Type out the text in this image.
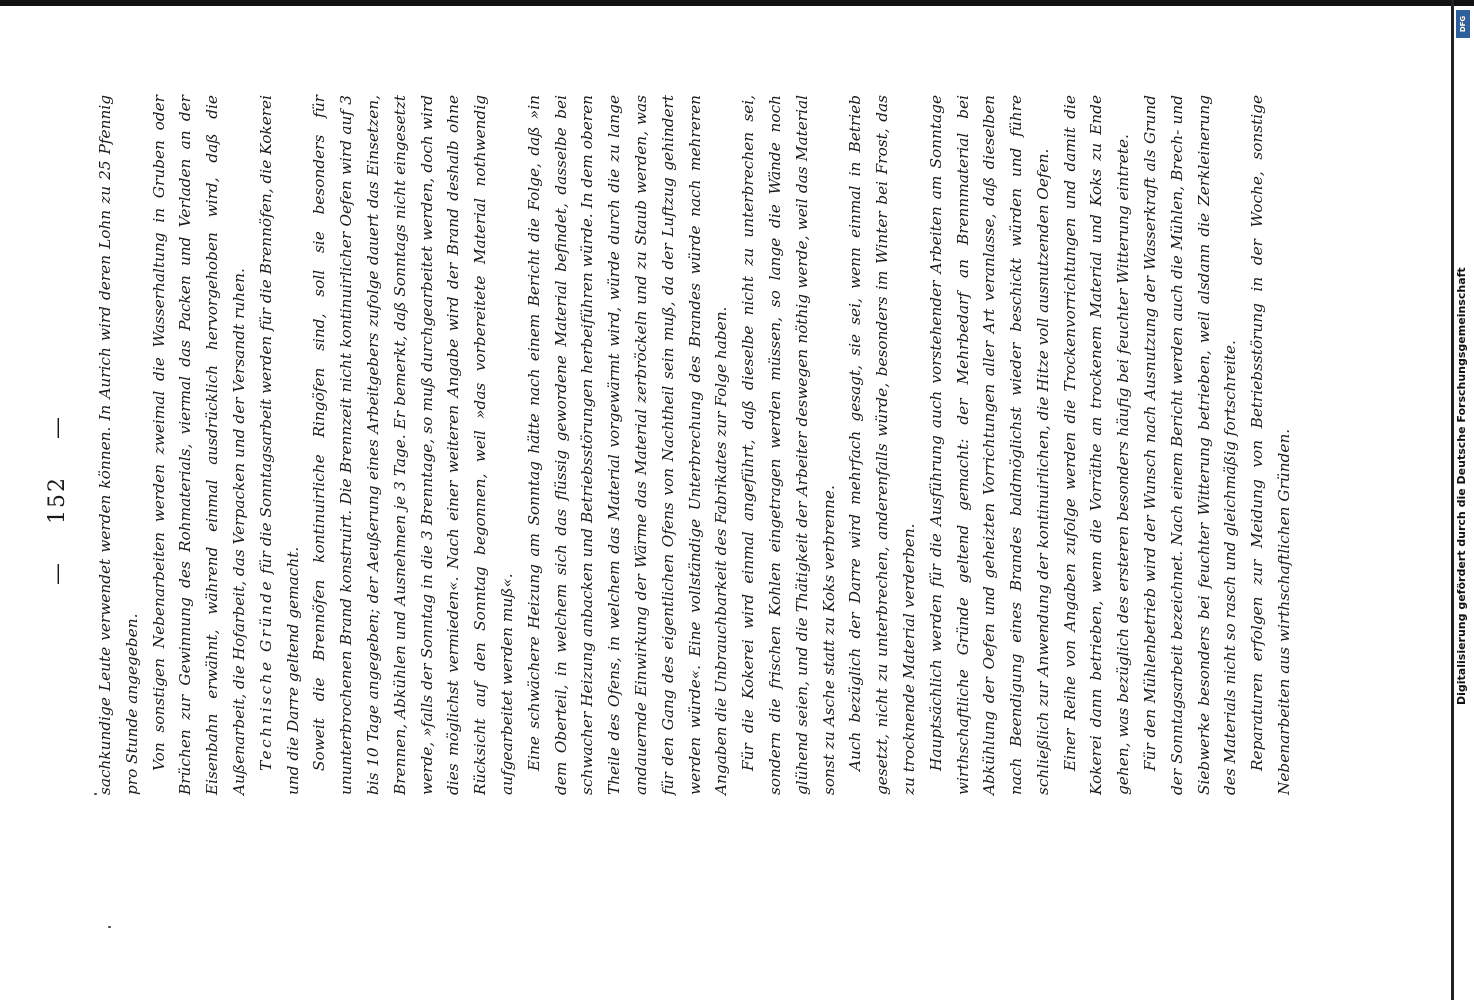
— 152 — sachkundige Leute verwendet werden können. In Aurich wird deren Lohn zu 25 Pfennig pro Stunde angegeben. Von sonstigen Nebenarbeiten werden zweimal die Wasserhaltung in Gruben oder Brüchen zur Gewinnung des Rohmaterials, viermal das Packen und Verladen an der Eisenbahn erwähnt, während einmal ausdrücklich hervorgehoben wird, daß die Außenarbeit, die Hofarbeit, das Verpacken und der Versandt ruhen. Technische Gründe für die Sonntagsarbeit werden für die Brennöfen, die Kokerei und die Darre geltend gemacht. Soweit die Brennöfen kontinuirliche Ringöfen sind, soll sie besonders für ununterbrochenen Brand konstruirt. Die Brennzeit nicht kontinuirlicher Oefen wird auf 3 bis 10 Tage angegeben; der Aeußerung eines Arbeitgebers zufolge dauert das Einsetzen, Brennen, Abkühlen und Ausnehmen je 3 Tage. Er bemerkt, daß Sonntags nicht eingesetzt werde, »falls der Sonntag in die 3 Brenntage, so muß durchgearbeitet werden, doch wird dies möglichst vermieden«. Nach einer weiteren Angabe wird der Brand deshalb ohne Rücksicht auf den Sonntag begonnen, weil »das vorbereitete Material nothwendig aufgearbeitet werden muß«. Eine schwächere Heizung am Sonntag hätte nach einem Bericht die Folge, daß »in dem Oberteil, in welchem sich das flüssig gewordene Material befindet, dasselbe bei schwacher Heizung anbacken und Betriebsstörungen herbeiführen würde. In dem oberen Theile des Ofens, in welchem das Material vorgewärmt wird, würde durch die zu lange andauernde Einwirkung der Wärme das Material zerbröckeln und zu Staub werden, was für den Gang des eigentlichen Ofens von Nachtheil sein muß, da der Luftzug gehindert werden würde«. Eine vollständige Unterbrechung des Brandes würde nach mehreren Angaben die Unbrauchbarkeit des Fabrikates zur Folge haben. Für die Kokerei wird einmal angeführt, daß dieselbe nicht zu unterbrechen sei, sondern die frischen Kohlen eingetragen werden müssen, so lange die Wände noch glühend seien, und die Thätigkeit der Arbeiter deswegen nöthig werde, weil das Material sonst zu Asche statt zu Koks verbrenne. Auch bezüglich der Darre wird mehrfach gesagt, sie sei, wenn einmal in Betrieb gesetzt, nicht zu unterbrechen, anderenfalls würde, besonders im Winter bei Frost, das zu trocknende Material verderben. Hauptsächlich werden für die Ausführung auch vorstehender Arbeiten am Sonntage wirthschaftliche Gründe geltend gemacht: der Mehrbedarf an Brennmaterial bei Abkühlung der Oefen und geheizten Vorrichtungen aller Art veranlasse, daß dieselben nach Beendigung eines Brandes baldmöglichst wieder beschickt würden und führe schließlich zur Anwendung der kontinuirlichen, die Hitze voll ausnutzenden Oefen. Einer Reihe von Angaben zufolge werden die Trockenvorrichtungen und damit die Kokerei dann betrieben, wenn die Vorräthe an trockenem Material und Koks zu Ende gehen, was bezüglich des ersteren besonders häufig bei feuchter Witterung eintrete. Für den Mühlenbetrieb wird der Wunsch nach Ausnutzung der Wasserkraft als Grund der Sonntagsarbeit bezeichnet. Nach einem Bericht werden auch die Mühlen, Brech- und Siebwerke besonders bei feuchter Witterung betrieben, weil alsdann die Zerkleinerung des Materials nicht so rasch und gleichmäßig fortschreite. Reparaturen erfolgen zur Meidung von Betriebsstörung in der Woche, sonstige Nebenarbeiten aus wirthschaftlichen Gründen.

DFG
Digitalisierung gefördert durch die Deutsche Forschungsgemeinschaft
